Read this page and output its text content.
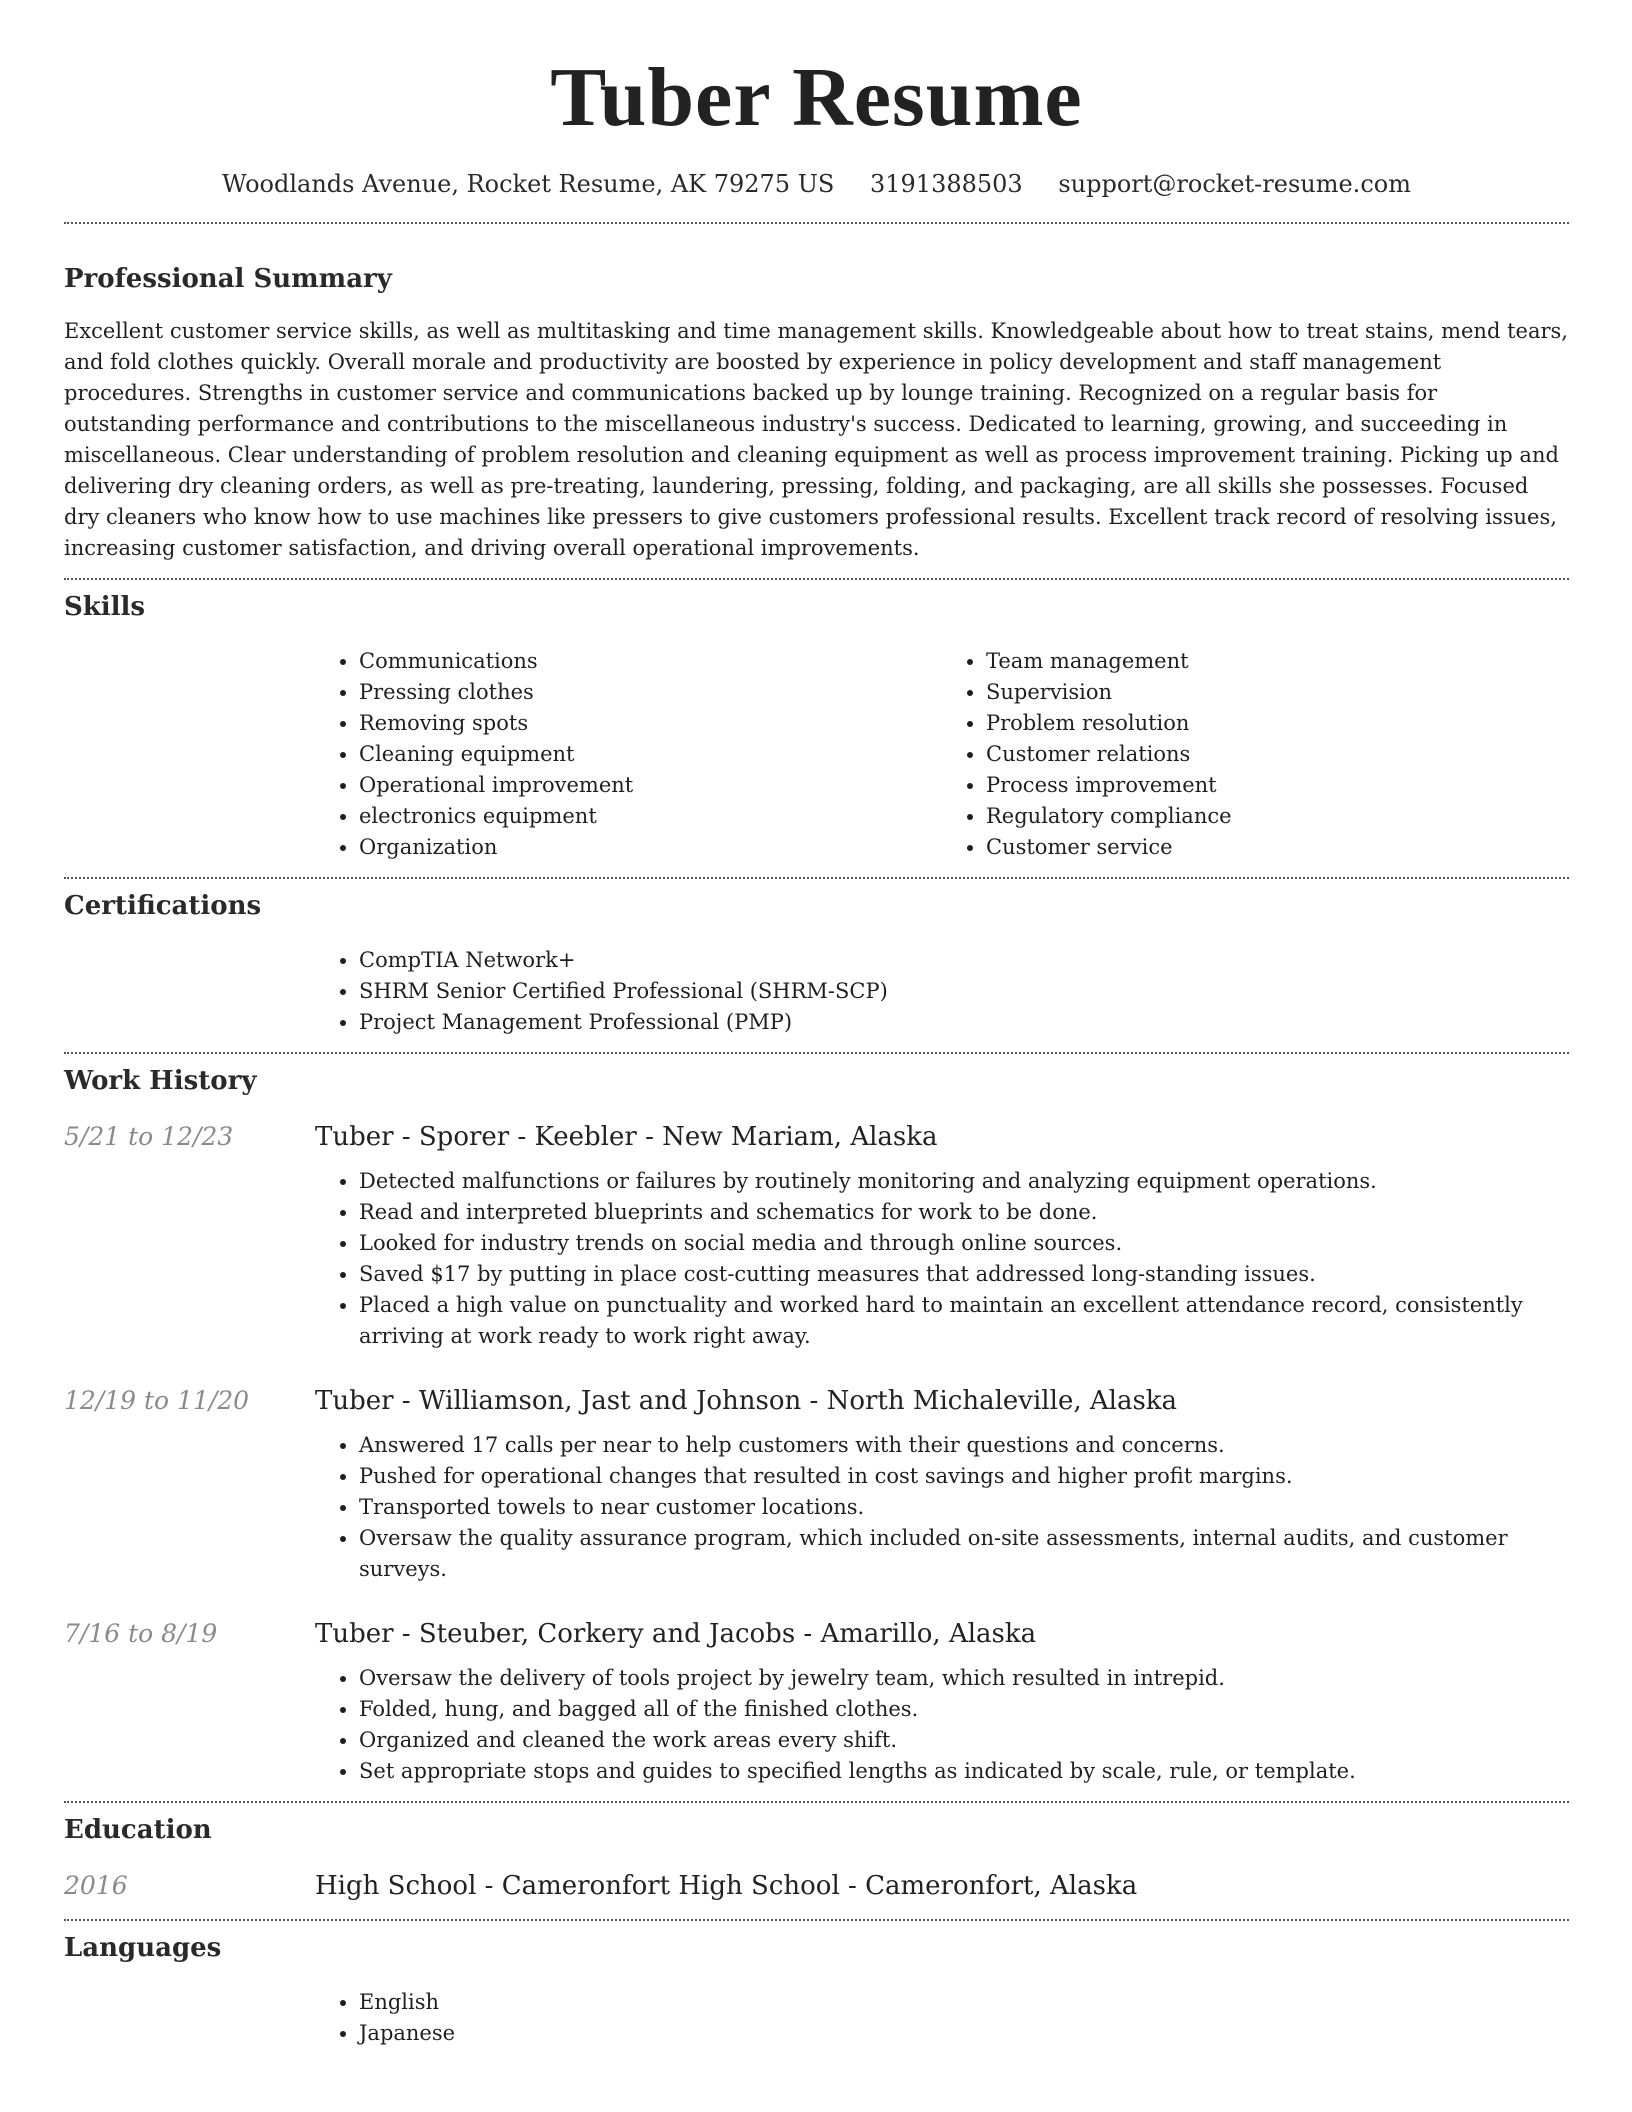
Tuber Resume
Woodlands Avenue, Rocket Resume, AK 79275 US 3191388503 support@rocket-resume.com
Professional Summary

Excellent customer service skills, as well as multitasking and time management skills. Knowledgeable about how to treat stains, mend tears, and fold clothes quickly. Overall morale and productivity are boosted by experience in policy development and staff management procedures. Strengths in customer service and communications backed up by lounge training. Recognized on a regular basis for outstanding performance and contributions to the miscellaneous industry's success. Dedicated to learning, growing, and succeeding in miscellaneous. Clear understanding of problem resolution and cleaning equipment as well as process improvement training. Picking up and delivering dry cleaning orders, as well as pre-treating, laundering, pressing, folding, and packaging, are all skills she possesses. Focused dry cleaners who know how to use machines like pressers to give customers professional results. Excellent track record of resolving issues, increasing customer satisfaction, and driving overall operational improvements.

Skills
• Communications
• Pressing clothes
• Removing spots
• Cleaning equipment
• Operational improvement
• electronics equipment
• Organization
• Team management
• Supervision
• Problem resolution
• Customer relations
• Process improvement
• Regulatory compliance
• Customer service
Certifications
• CompTIA Network+
• SHRM Senior Certified Professional (SHRM-SCP)
• Project Management Professional (PMP)
Work History
5/21 to 12/23	Tuber - Sporer - Keebler - New Mariam, Alaska
• Detected malfunctions or failures by routinely monitoring and analyzing equipment operations.
• Read and interpreted blueprints and schematics for work to be done.
• Looked for industry trends on social media and through online sources.
• Saved $17 by putting in place cost-cutting measures that addressed long-standing issues.
• Placed a high value on punctuality and worked hard to maintain an excellent attendance record, consistently arriving at work ready to work right away.
12/19 to 11/20	Tuber - Williamson, Jast and Johnson - North Michaleville, Alaska
• Answered 17 calls per near to help customers with their questions and concerns.
• Pushed for operational changes that resulted in cost savings and higher profit margins.
• Transported towels to near customer locations.
• Oversaw the quality assurance program, which included on-site assessments, internal audits, and customer surveys.
7/16 to 8/19	Tuber - Steuber, Corkery and Jacobs - Amarillo, Alaska
• Oversaw the delivery of tools project by jewelry team, which resulted in intrepid.
• Folded, hung, and bagged all of the finished clothes.
• Organized and cleaned the work areas every shift.
• Set appropriate stops and guides to specified lengths as indicated by scale, rule, or template.
Education
2016	High School - Cameronfort High School - Cameronfort, Alaska
Languages
• English
• Japanese
